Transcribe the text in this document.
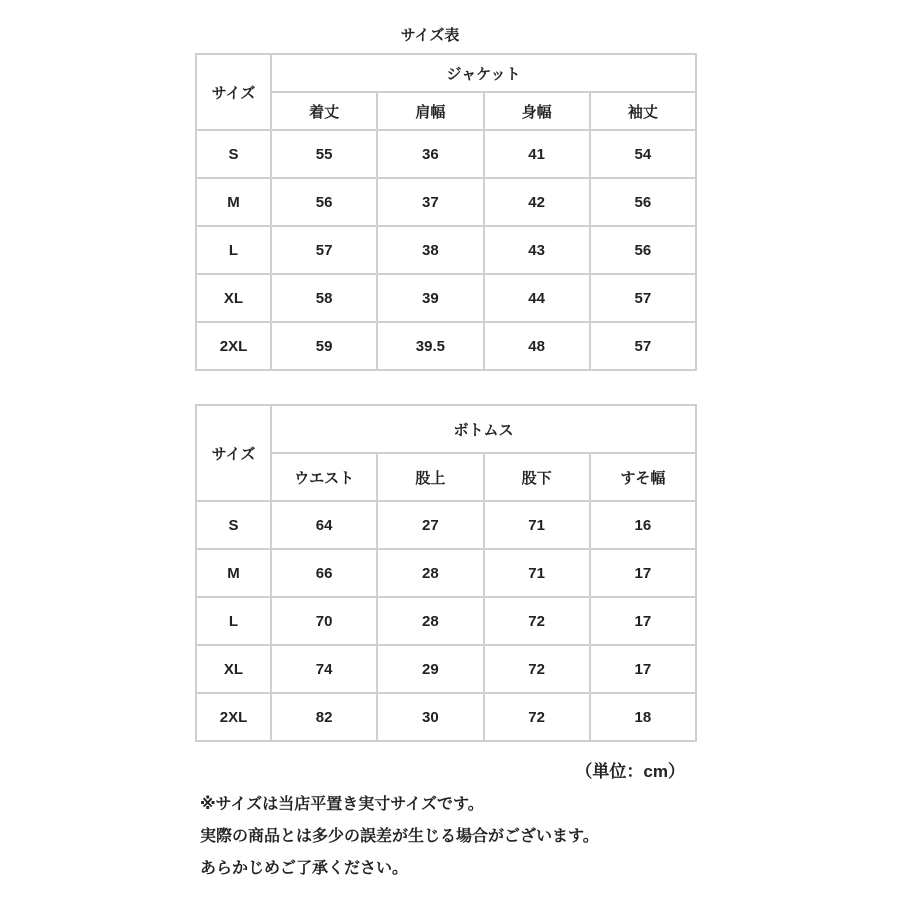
サイズ表
サイズ	ジャケット			
	着丈	肩幅	身幅	袖丈
S	55	36	41	54
M	56	37	42	56
L	57	38	43	56
XL	58	39	44	57
2XL	59	39.5	48	57
サイズ	ボトムス			
	ウエスト	股上	股下	すそ幅
S	64	27	71	16
M	66	28	71	17
L	70	28	72	17
XL	74	29	72	17
2XL	82	30	72	18
（単位：cm）
※サイズは当店平置き実寸サイズです。
実際の商品とは多少の誤差が生じる場合がございます。
あらかじめご了承ください。
